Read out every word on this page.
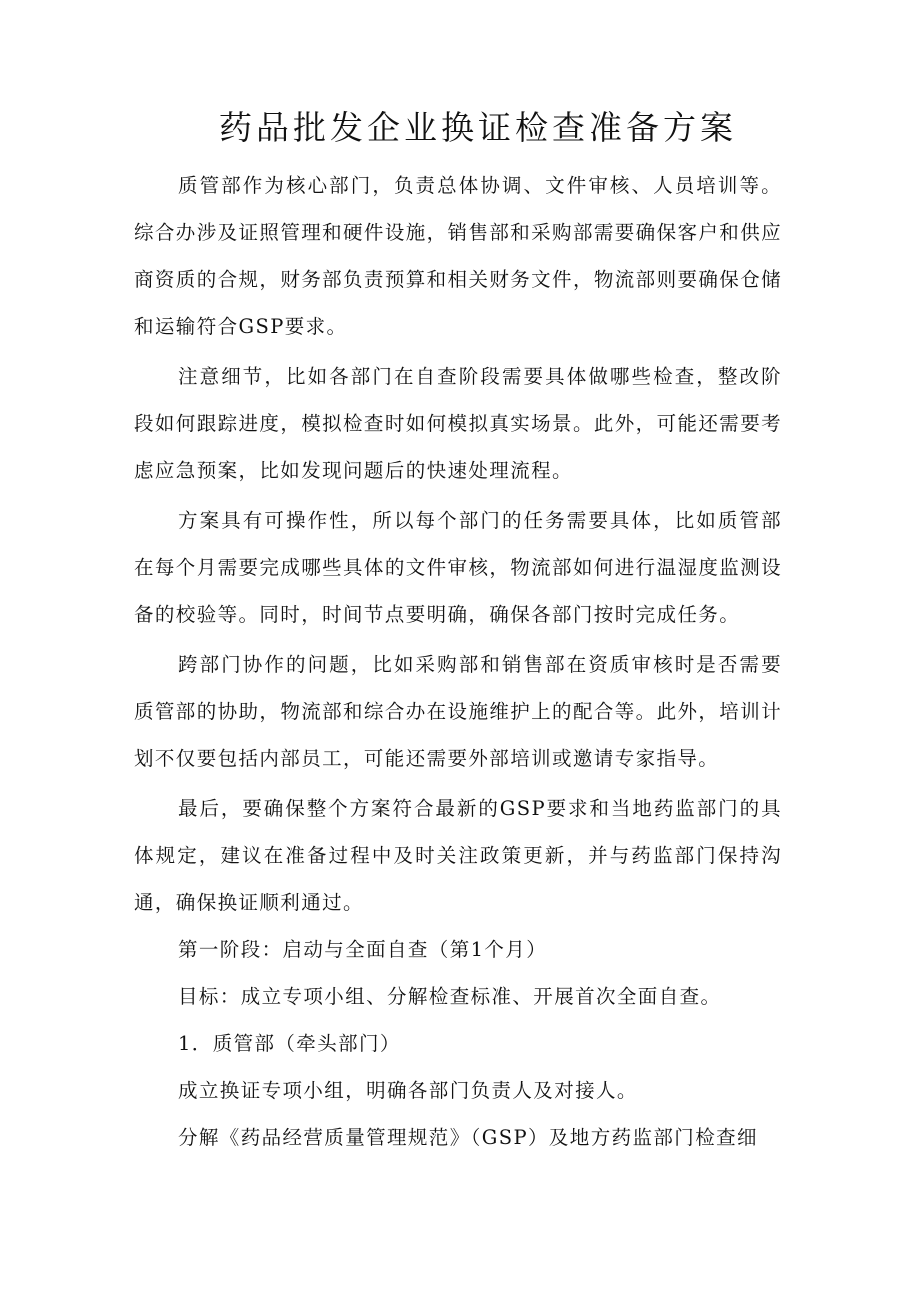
药品批发企业换证检查准备方案

质管部作为核心部门，负责总体协调、文件审核、人员培训等。综合办涉及证照管理和硬件设施，销售部和采购部需要确保客户和供应商资质的合规，财务部负责预算和相关财务文件，物流部则要确保仓储和运输符合GSP要求。

注意细节，比如各部门在自查阶段需要具体做哪些检查，整改阶段如何跟踪进度，模拟检查时如何模拟真实场景。此外，可能还需要考虑应急预案，比如发现问题后的快速处理流程。

方案具有可操作性，所以每个部门的任务需要具体，比如质管部在每个月需要完成哪些具体的文件审核，物流部如何进行温湿度监测设备的校验等。同时，时间节点要明确，确保各部门按时完成任务。

跨部门协作的问题，比如采购部和销售部在资质审核时是否需要质管部的协助，物流部和综合办在设施维护上的配合等。此外，培训计划不仅要包括内部员工，可能还需要外部培训或邀请专家指导。

最后，要确保整个方案符合最新的GSP要求和当地药监部门的具体规定，建议在准备过程中及时关注政策更新，并与药监部门保持沟通，确保换证顺利通过。

第一阶段：启动与全面自查（第1个月）

目标：成立专项小组、分解检查标准、开展首次全面自查。

1．质管部（牵头部门）

成立换证专项小组，明确各部门负责人及对接人。

分解《药品经营质量管理规范》（GSP）及地方药监部门检查细
